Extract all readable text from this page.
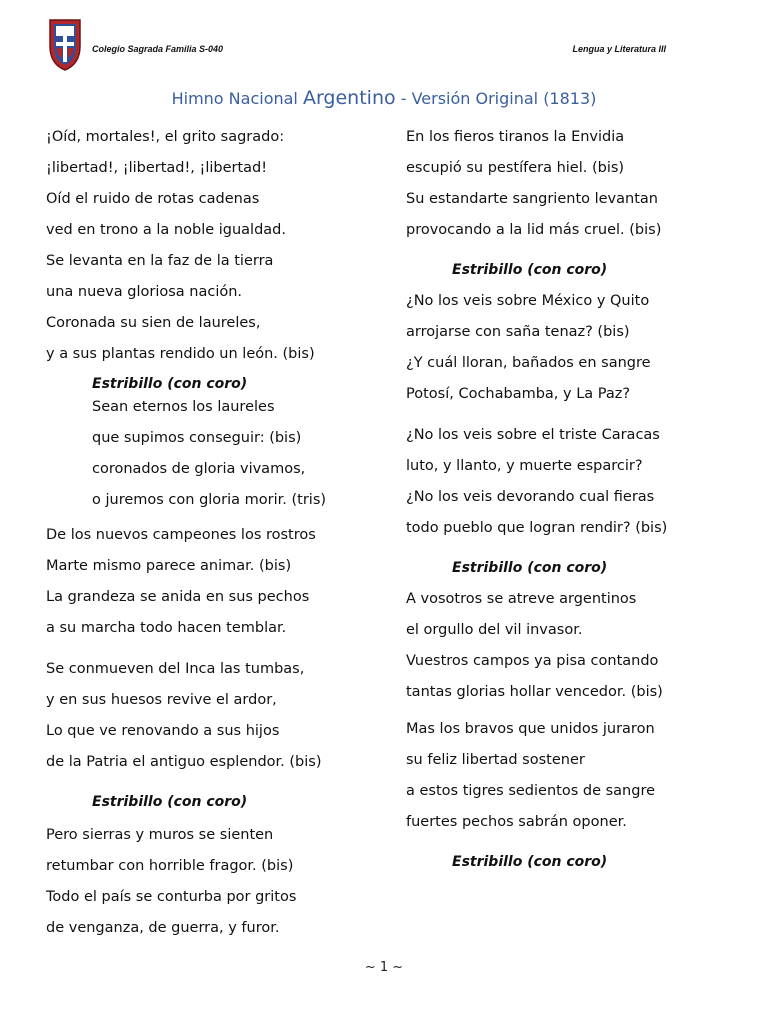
Colegio Sagrada Familia S-040	Lengua y Literatura III
Himno Nacional Argentino - Versión Original (1813)
¡Oíd, mortales!, el grito sagrado:
¡libertad!, ¡libertad!, ¡libertad!
Oíd el ruido de rotas cadenas
ved en trono a la noble igualdad.
Se levanta en la faz de la tierra
una nueva gloriosa nación.
Coronada su sien de laureles,
y a sus plantas rendido un león. (bis)
Estribillo (con coro)
Sean eternos los laureles
que supimos conseguir: (bis)
coronados de gloria vivamos,
o juremos con gloria morir. (tris)
De los nuevos campeones los rostros
Marte mismo parece animar. (bis)
La grandeza se anida en sus pechos
a su marcha todo hacen temblar.
Se conmueven del Inca las tumbas,
y en sus huesos revive el ardor,
Lo que ve renovando a sus hijos
de la Patria el antiguo esplendor. (bis)
Estribillo (con coro)
Pero sierras y muros se sienten
retumbar con horrible fragor. (bis)
Todo el país se conturba por gritos
de venganza, de guerra, y furor.
En los fieros tiranos la Envidia
escupió su pestífera hiel. (bis)
Su estandarte sangriento levantan
provocando a la lid más cruel. (bis)
Estribillo (con coro)
¿No los veis sobre México y Quito
arrojarse con saña tenaz? (bis)
¿Y cuál lloran, bañados en sangre
Potosí, Cochabamba, y La Paz?
¿No los veis sobre el triste Caracas
luto, y llanto, y muerte esparcir?
¿No los veis devorando cual fieras
todo pueblo que logran rendir? (bis)
Estribillo (con coro)
A vosotros se atreve argentinos
el orgullo del vil invasor.
Vuestros campos ya pisa contando
tantas glorias hollar vencedor. (bis)
Mas los bravos que unidos juraron
su feliz libertad sostener
a estos tigres sedientos de sangre
fuertes pechos sabrán oponer.
Estribillo (con coro)
~ 1 ~
